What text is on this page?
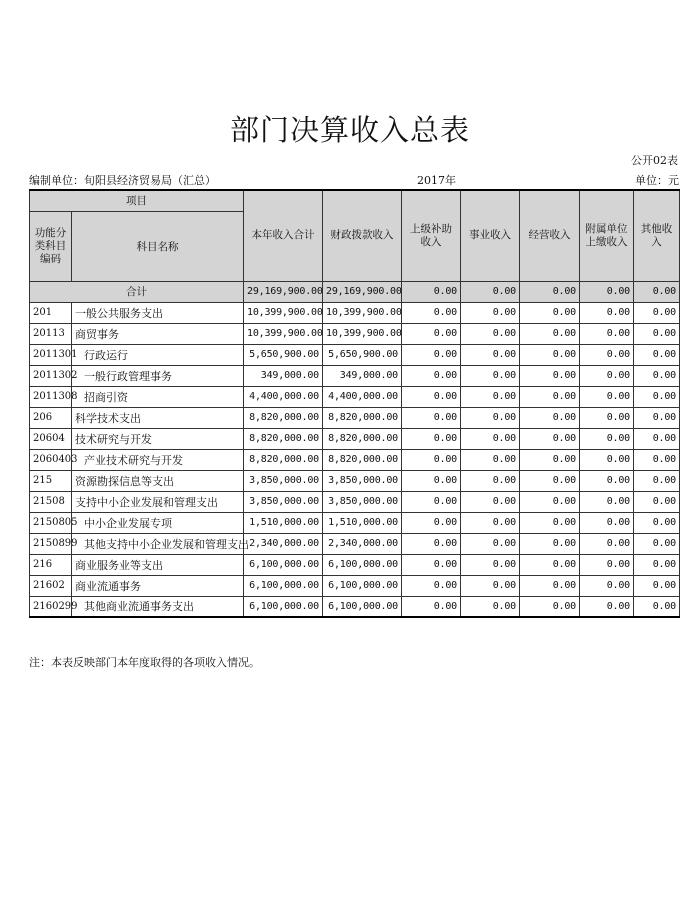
部门决算收入总表
公开02表
编制单位：旬阳县经济贸易局（汇总）	2017年	单位：元
项目		本年收入合计	财政拨款收入	上级补助收入	事业收入	经营收入	附属单位上缴收入	其他收入
功能分类科目编码	科目名称							
合计		29,169,900.00	29,169,900.00	0.00	0.00	0.00	0.00	0.00
201	一般公共服务支出	10,399,900.00	10,399,900.00	0.00	0.00	0.00	0.00	0.00
20113	商贸事务	10,399,900.00	10,399,900.00	0.00	0.00	0.00	0.00	0.00
2011301	行政运行	5,650,900.00	5,650,900.00	0.00	0.00	0.00	0.00	0.00
2011302	一般行政管理事务	349,000.00	349,000.00	0.00	0.00	0.00	0.00	0.00
2011308	招商引资	4,400,000.00	4,400,000.00	0.00	0.00	0.00	0.00	0.00
206	科学技术支出	8,820,000.00	8,820,000.00	0.00	0.00	0.00	0.00	0.00
20604	技术研究与开发	8,820,000.00	8,820,000.00	0.00	0.00	0.00	0.00	0.00
2060403	产业技术研究与开发	8,820,000.00	8,820,000.00	0.00	0.00	0.00	0.00	0.00
215	资源勘探信息等支出	3,850,000.00	3,850,000.00	0.00	0.00	0.00	0.00	0.00
21508	支持中小企业发展和管理支出	3,850,000.00	3,850,000.00	0.00	0.00	0.00	0.00	0.00
2150805	中小企业发展专项	1,510,000.00	1,510,000.00	0.00	0.00	0.00	0.00	0.00
2150899	其他支持中小企业发展和管理支出	2,340,000.00	2,340,000.00	0.00	0.00	0.00	0.00	0.00
216	商业服务业等支出	6,100,000.00	6,100,000.00	0.00	0.00	0.00	0.00	0.00
21602	商业流通事务	6,100,000.00	6,100,000.00	0.00	0.00	0.00	0.00	0.00
2160299	其他商业流通事务支出	6,100,000.00	6,100,000.00	0.00	0.00	0.00	0.00	0.00
注：本表反映部门本年度取得的各项收入情况。
